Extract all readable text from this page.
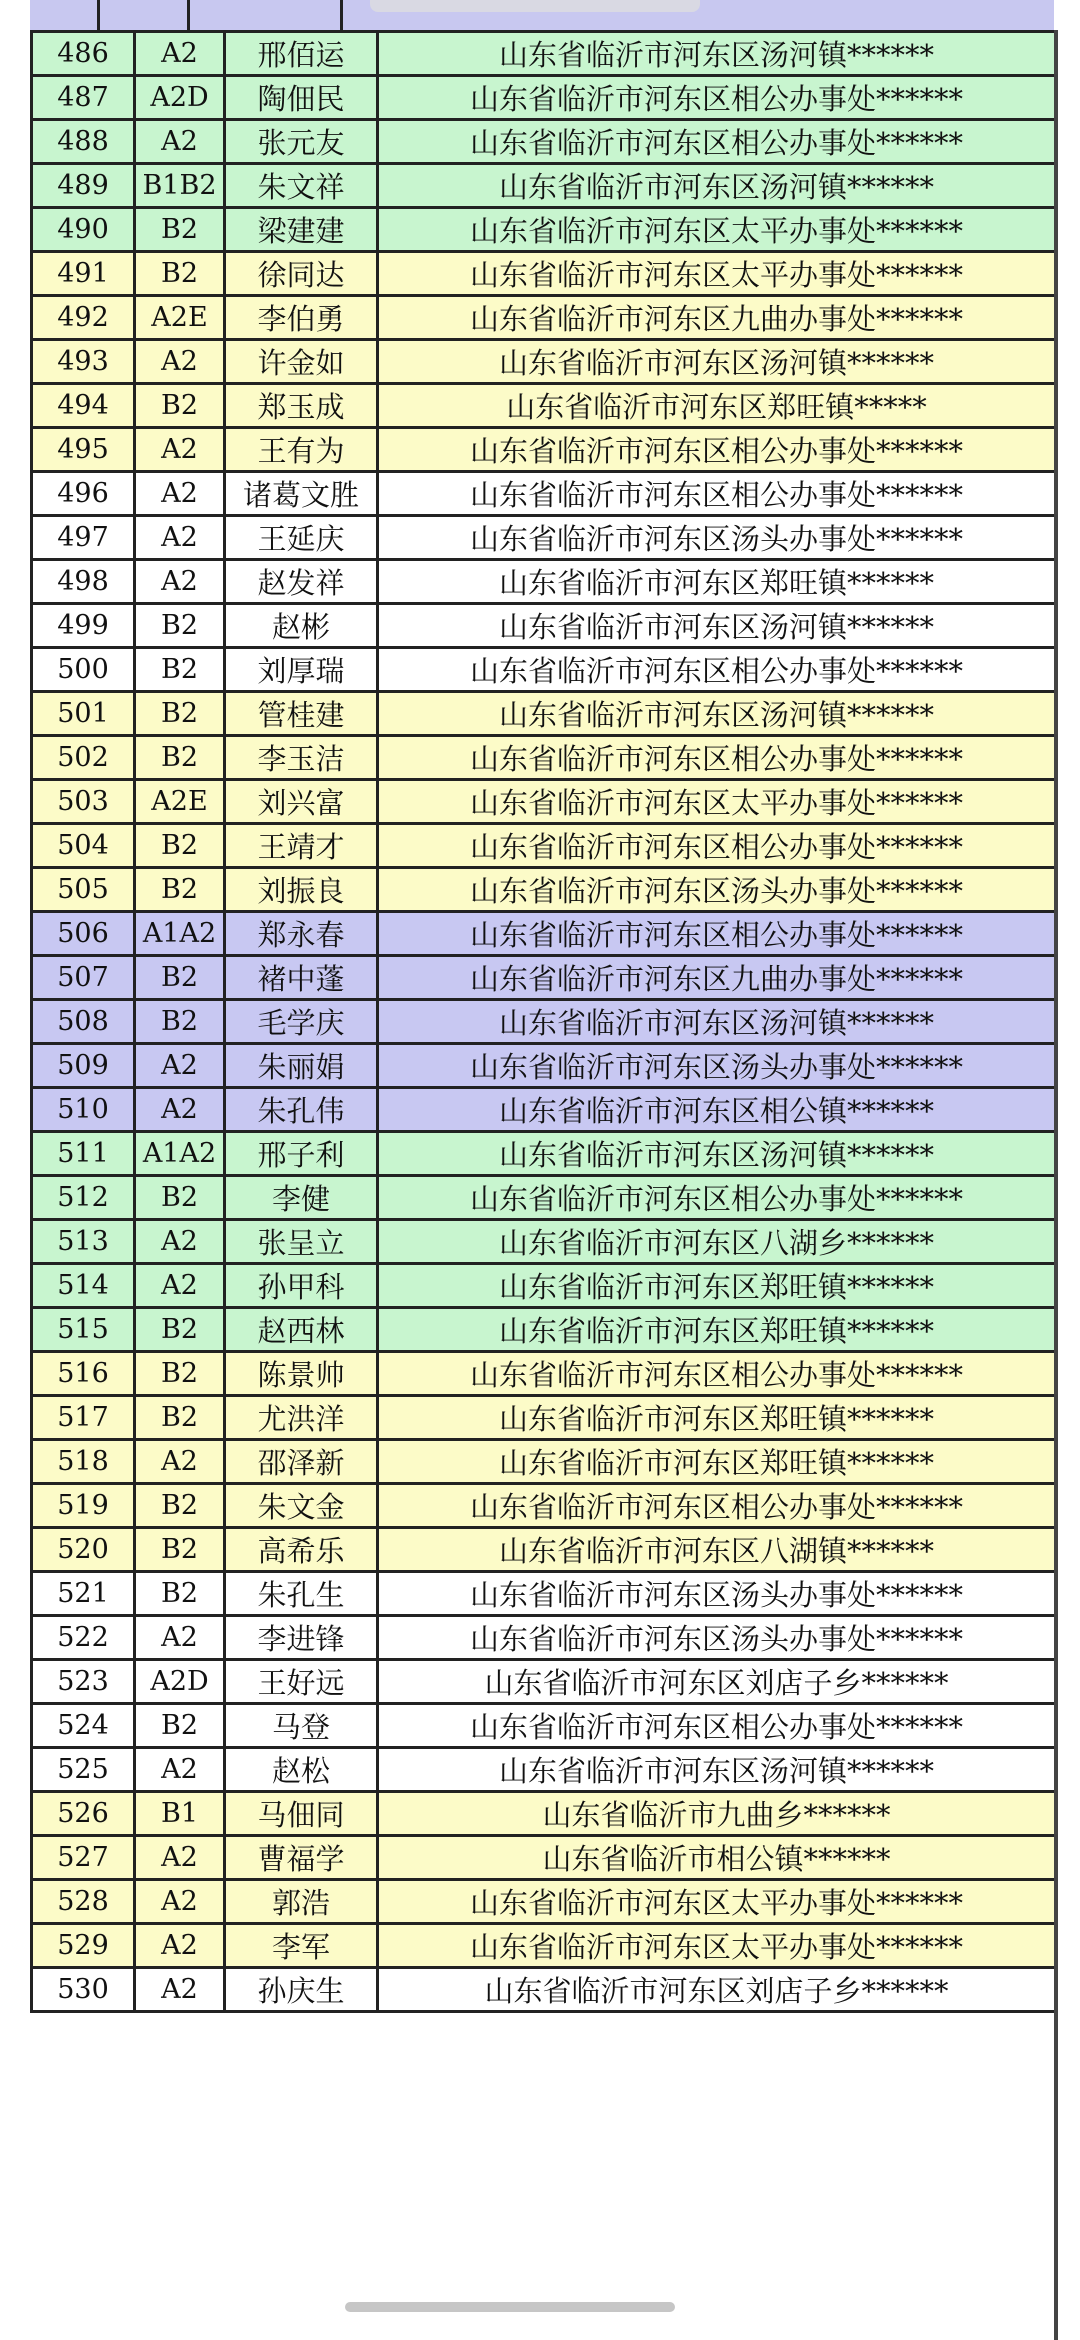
486	A2	邢佰运	山东省临沂市河东区汤河镇******
487	A2D	陶佃民	山东省临沂市河东区相公办事处******
488	A2	张元友	山东省临沂市河东区相公办事处******
489	B1B2	朱文祥	山东省临沂市河东区汤河镇******
490	B2	梁建建	山东省临沂市河东区太平办事处******
491	B2	徐同达	山东省临沂市河东区太平办事处******
492	A2E	李伯勇	山东省临沂市河东区九曲办事处******
493	A2	许金如	山东省临沂市河东区汤河镇******
494	B2	郑玉成	山东省临沂市河东区郑旺镇*****
495	A2	王有为	山东省临沂市河东区相公办事处******
496	A2	诸葛文胜	山东省临沂市河东区相公办事处******
497	A2	王延庆	山东省临沂市河东区汤头办事处******
498	A2	赵发祥	山东省临沂市河东区郑旺镇******
499	B2	赵彬	山东省临沂市河东区汤河镇******
500	B2	刘厚瑞	山东省临沂市河东区相公办事处******
501	B2	管桂建	山东省临沂市河东区汤河镇******
502	B2	李玉洁	山东省临沂市河东区相公办事处******
503	A2E	刘兴富	山东省临沂市河东区太平办事处******
504	B2	王靖才	山东省临沂市河东区相公办事处******
505	B2	刘振良	山东省临沂市河东区汤头办事处******
506	A1A2	郑永春	山东省临沂市河东区相公办事处******
507	B2	褚中蓬	山东省临沂市河东区九曲办事处******
508	B2	毛学庆	山东省临沂市河东区汤河镇******
509	A2	朱丽娟	山东省临沂市河东区汤头办事处******
510	A2	朱孔伟	山东省临沂市河东区相公镇******
511	A1A2	邢子利	山东省临沂市河东区汤河镇******
512	B2	李健	山东省临沂市河东区相公办事处******
513	A2	张呈立	山东省临沂市河东区八湖乡******
514	A2	孙甲科	山东省临沂市河东区郑旺镇******
515	B2	赵西林	山东省临沂市河东区郑旺镇******
516	B2	陈景帅	山东省临沂市河东区相公办事处******
517	B2	尤洪洋	山东省临沂市河东区郑旺镇******
518	A2	邵泽新	山东省临沂市河东区郑旺镇******
519	B2	朱文金	山东省临沂市河东区相公办事处******
520	B2	高希乐	山东省临沂市河东区八湖镇******
521	B2	朱孔生	山东省临沂市河东区汤头办事处******
522	A2	李进锋	山东省临沂市河东区汤头办事处******
523	A2D	王好远	山东省临沂市河东区刘店子乡******
524	B2	马登	山东省临沂市河东区相公办事处******
525	A2	赵松	山东省临沂市河东区汤河镇******
526	B1	马佃同	山东省临沂市九曲乡******
527	A2	曹福学	山东省临沂市相公镇******
528	A2	郭浩	山东省临沂市河东区太平办事处******
529	A2	李军	山东省临沂市河东区太平办事处******
530	A2	孙庆生	山东省临沂市河东区刘店子乡******
